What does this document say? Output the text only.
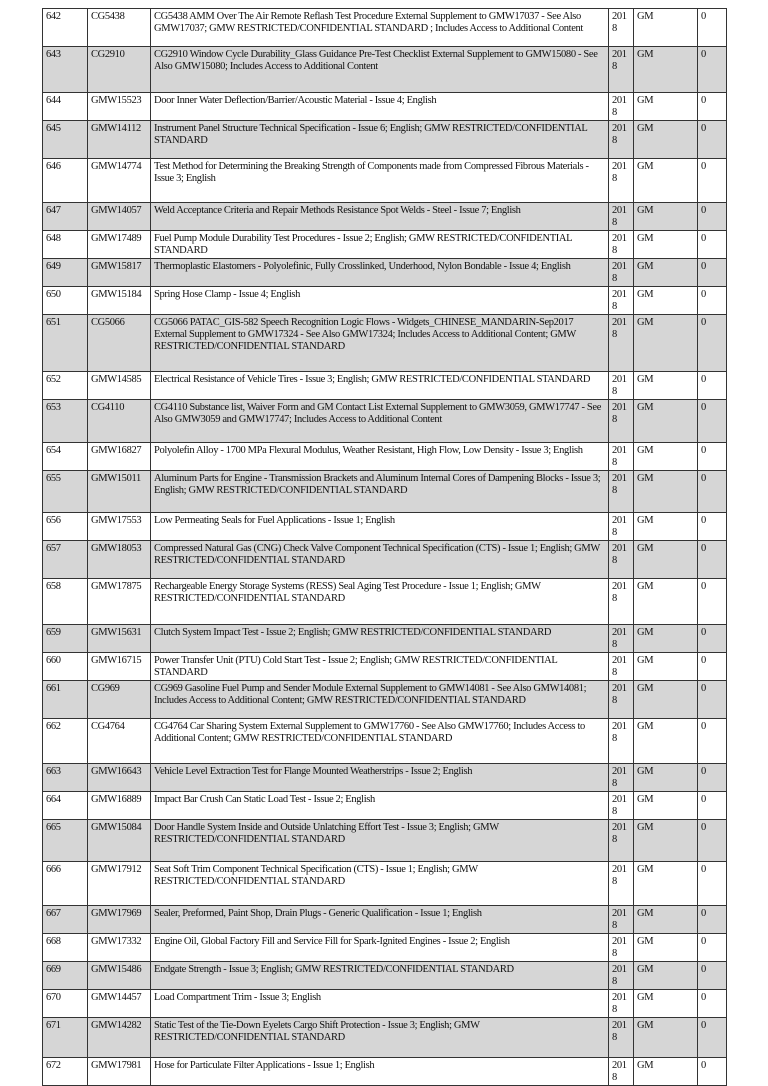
642	CG5438	CG5438 AMM Over The Air Remote Reflash Test Procedure External Supplement to GMW17037 - See Also GMW17037; GMW RESTRICTED/CONFIDENTIAL STANDARD ; Includes Access to Additional Content	2018	GM	0
643	CG2910	CG2910 Window Cycle Durability_Glass Guidance Pre-Test Checklist External Supplement to GMW15080 - See Also GMW15080; Includes Access to Additional Content	2018	GM	0
644	GMW15523	Door Inner Water Deflection/Barrier/Acoustic Material - Issue 4; English	2018	GM	0
645	GMW14112	Instrument Panel Structure Technical Specification - Issue 6; English; GMW RESTRICTED/CONFIDENTIAL STANDARD	2018	GM	0
646	GMW14774	Test Method for Determining the Breaking Strength of Components made from Compressed Fibrous Materials - Issue 3; English	2018	GM	0
647	GMW14057	Weld Acceptance Criteria and Repair Methods Resistance Spot Welds - Steel - Issue 7; English	2018	GM	0
648	GMW17489	Fuel Pump Module Durability Test Procedures - Issue 2; English; GMW RESTRICTED/CONFIDENTIAL STANDARD	2018	GM	0
649	GMW15817	Thermoplastic Elastomers - Polyolefinic, Fully Crosslinked, Underhood, Nylon Bondable - Issue 4; English	2018	GM	0
650	GMW15184	Spring Hose Clamp - Issue 4; English	2018	GM	0
651	CG5066	CG5066 PATAC_GIS-582 Speech Recognition Logic Flows - Widgets_CHINESE_MANDARIN-Sep2017 External Supplement to GMW17324 - See Also GMW17324; Includes Access to Additional Content; GMW RESTRICTED/CONFIDENTIAL STANDARD	2018	GM	0
652	GMW14585	Electrical Resistance of Vehicle Tires - Issue 3; English; GMW RESTRICTED/CONFIDENTIAL STANDARD	2018	GM	0
653	CG4110	CG4110 Substance list, Waiver Form and GM Contact List External Supplement to GMW3059, GMW17747 - See Also GMW3059 and GMW17747; Includes Access to Additional Content	2018	GM	0
654	GMW16827	Polyolefin Alloy - 1700 MPa Flexural Modulus, Weather Resistant, High Flow, Low Density - Issue 3; English	2018	GM	0
655	GMW15011	Aluminum Parts for Engine - Transmission Brackets and Aluminum Internal Cores of Dampening Blocks - Issue 3; English; GMW RESTRICTED/CONFIDENTIAL STANDARD	2018	GM	0
656	GMW17553	Low Permeating Seals for Fuel Applications - Issue 1; English	2018	GM	0
657	GMW18053	Compressed Natural Gas (CNG) Check Valve Component Technical Specification (CTS) - Issue 1; English; GMW RESTRICTED/CONFIDENTIAL STANDARD	2018	GM	0
658	GMW17875	Rechargeable Energy Storage Systems (RESS) Seal Aging Test Procedure - Issue 1; English; GMW RESTRICTED/CONFIDENTIAL STANDARD	2018	GM	0
659	GMW15631	Clutch System Impact Test - Issue 2; English; GMW RESTRICTED/CONFIDENTIAL STANDARD	2018	GM	0
660	GMW16715	Power Transfer Unit (PTU) Cold Start Test - Issue 2; English; GMW RESTRICTED/CONFIDENTIAL STANDARD	2018	GM	0
661	CG969	CG969 Gasoline Fuel Pump and Sender Module External Supplement to GMW14081 - See Also GMW14081; Includes Access to Additional Content; GMW RESTRICTED/CONFIDENTIAL STANDARD	2018	GM	0
662	CG4764	CG4764 Car Sharing System External Supplement to GMW17760 - See Also GMW17760; Includes Access to Additional Content; GMW RESTRICTED/CONFIDENTIAL STANDARD	2018	GM	0
663	GMW16643	Vehicle Level Extraction Test for Flange Mounted Weatherstrips - Issue 2; English	2018	GM	0
664	GMW16889	Impact Bar Crush Can Static Load Test - Issue 2; English	2018	GM	0
665	GMW15084	Door Handle System Inside and Outside Unlatching Effort Test - Issue 3; English; GMW RESTRICTED/CONFIDENTIAL STANDARD	2018	GM	0
666	GMW17912	Seat Soft Trim Component Technical Specification (CTS) - Issue 1; English; GMW RESTRICTED/CONFIDENTIAL STANDARD	2018	GM	0
667	GMW17969	Sealer, Preformed, Paint Shop, Drain Plugs - Generic Qualification - Issue 1; English	2018	GM	0
668	GMW17332	Engine Oil, Global Factory Fill and Service Fill for Spark-Ignited Engines - Issue 2; English	2018	GM	0
669	GMW15486	Endgate Strength - Issue 3; English; GMW RESTRICTED/CONFIDENTIAL STANDARD	2018	GM	0
670	GMW14457	Load Compartment Trim - Issue 3; English	2018	GM	0
671	GMW14282	Static Test of the Tie-Down Eyelets Cargo Shift Protection - Issue 3; English; GMW RESTRICTED/CONFIDENTIAL STANDARD	2018	GM	0
672	GMW17981	Hose for Particulate Filter Applications - Issue 1; English	2018	GM	0
